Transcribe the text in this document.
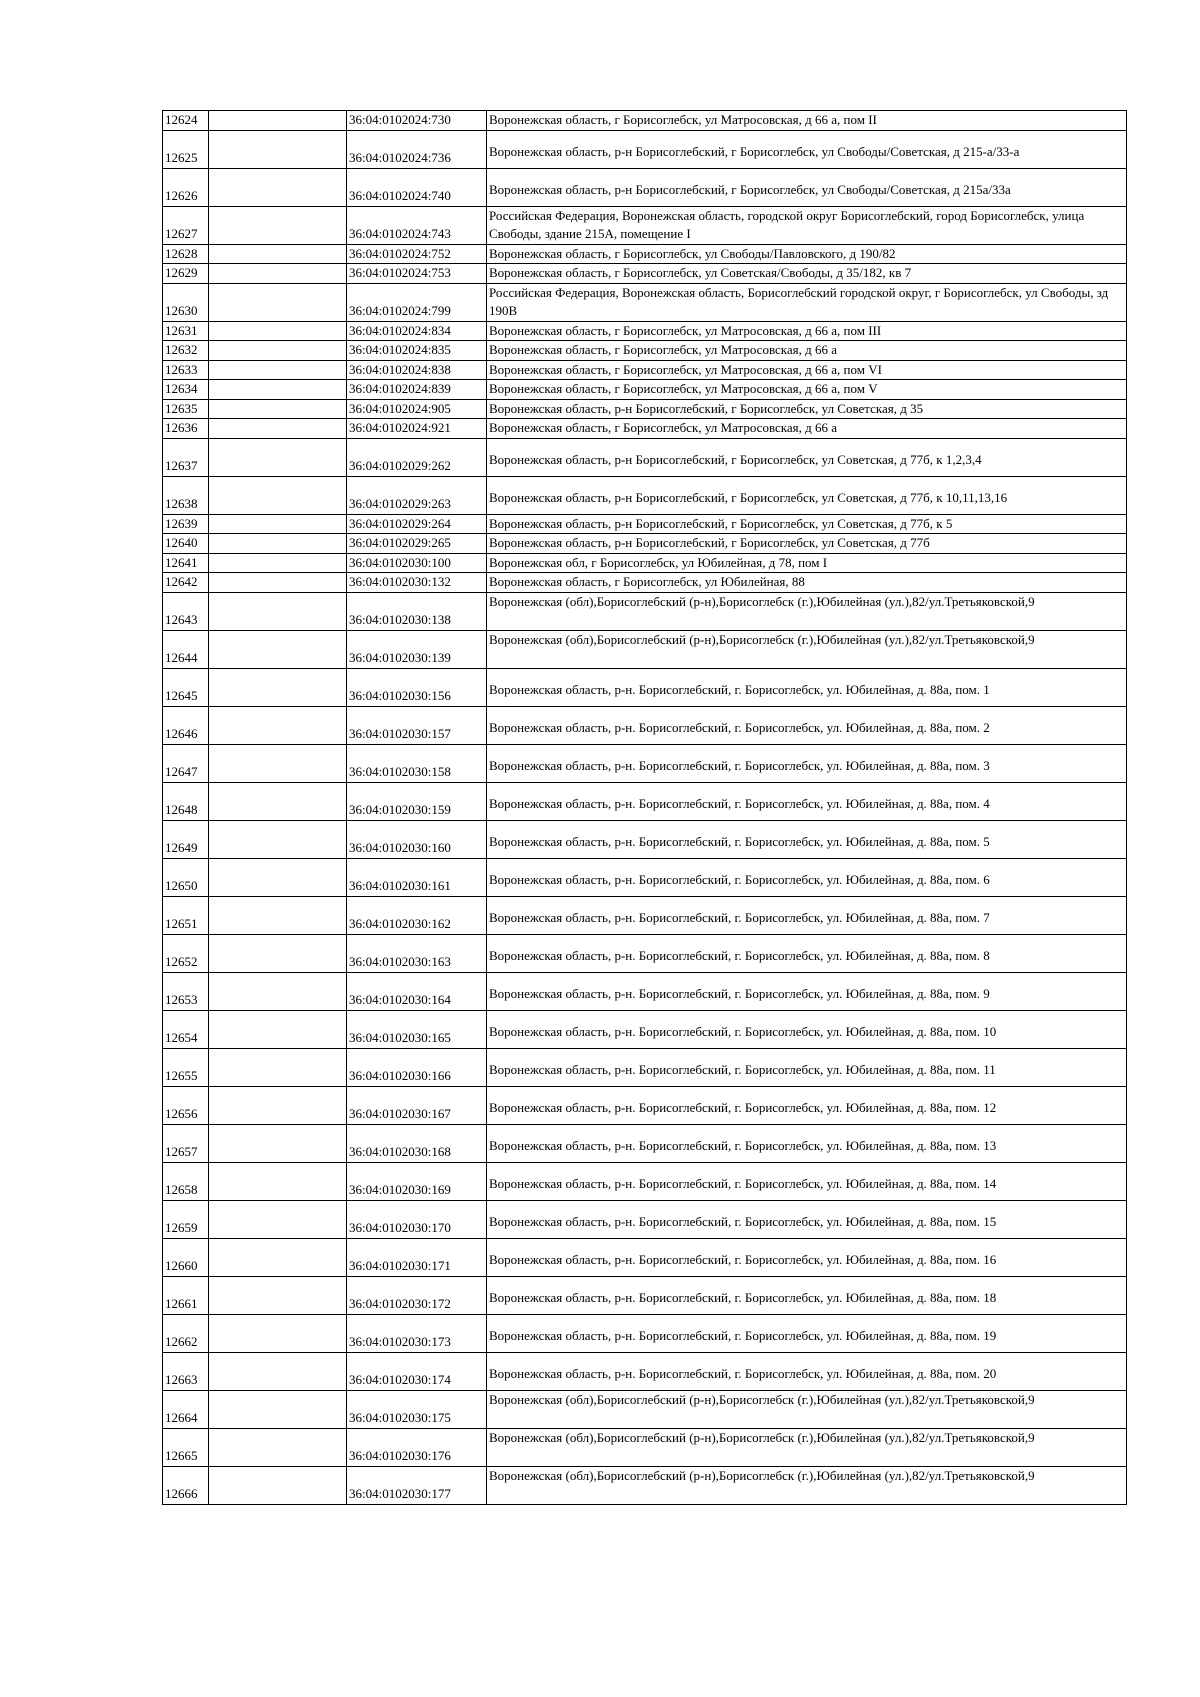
12624		36:04:0102024:730	Воронежская область, г Борисоглебск, ул Матросовская, д 66 а, пом II
12625		36:04:0102024:736	Воронежская область, р-н Борисоглебский, г Борисоглебск, ул Свободы/Советская, д 215-а/33-а
12626		36:04:0102024:740	Воронежская область, р-н Борисоглебский, г Борисоглебск, ул Свободы/Советская, д 215а/33а
12627		36:04:0102024:743	Российская Федерация, Воронежская область, городской округ Борисоглебский, город Борисоглебск, улица Свободы, здание 215А, помещение I
12628		36:04:0102024:752	Воронежская область, г Борисоглебск, ул Свободы/Павловского, д 190/82
12629		36:04:0102024:753	Воронежская область, г Борисоглебск, ул Советская/Свободы, д 35/182, кв 7
12630		36:04:0102024:799	Российская Федерация, Воронежская область, Борисоглебский городской округ, г Борисоглебск, ул Свободы, зд 190В
12631		36:04:0102024:834	Воронежская область, г Борисоглебск, ул Матросовская, д 66 а, пом III
12632		36:04:0102024:835	Воронежская область, г Борисоглебск, ул Матросовская, д 66 а
12633		36:04:0102024:838	Воронежская область, г Борисоглебск, ул Матросовская, д 66 а, пом VI
12634		36:04:0102024:839	Воронежская область, г Борисоглебск, ул Матросовская, д 66 а, пом V
12635		36:04:0102024:905	Воронежская область, р-н Борисоглебский, г Борисоглебск, ул Советская, д 35
12636		36:04:0102024:921	Воронежская область, г Борисоглебск, ул Матросовская, д 66 а
12637		36:04:0102029:262	Воронежская область, р-н Борисоглебский, г Борисоглебск, ул Советская, д 77б, к 1,2,3,4
12638		36:04:0102029:263	Воронежская область, р-н Борисоглебский, г Борисоглебск, ул Советская, д 77б, к 10,11,13,16
12639		36:04:0102029:264	Воронежская область, р-н Борисоглебский, г Борисоглебск, ул Советская, д 77б, к 5
12640		36:04:0102029:265	Воронежская область, р-н Борисоглебский, г Борисоглебск, ул Советская, д 77б
12641		36:04:0102030:100	Воронежская обл, г Борисоглебск, ул Юбилейная, д 78, пом I
12642		36:04:0102030:132	Воронежская область, г Борисоглебск, ул Юбилейная, 88
12643		36:04:0102030:138	Воронежская (обл),Борисоглебский (р-н),Борисоглебск (г.),Юбилейная (ул.),82/ул.Третьяковской,9
12644		36:04:0102030:139	Воронежская (обл),Борисоглебский (р-н),Борисоглебск (г.),Юбилейная (ул.),82/ул.Третьяковской,9
12645		36:04:0102030:156	Воронежская область, р-н. Борисоглебский, г. Борисоглебск, ул. Юбилейная, д. 88а, пом. 1
12646		36:04:0102030:157	Воронежская область, р-н. Борисоглебский, г. Борисоглебск, ул. Юбилейная, д. 88а, пом. 2
12647		36:04:0102030:158	Воронежская область, р-н. Борисоглебский, г. Борисоглебск, ул. Юбилейная, д. 88а, пом. 3
12648		36:04:0102030:159	Воронежская область, р-н. Борисоглебский, г. Борисоглебск, ул. Юбилейная, д. 88а, пом. 4
12649		36:04:0102030:160	Воронежская область, р-н. Борисоглебский, г. Борисоглебск, ул. Юбилейная, д. 88а, пом. 5
12650		36:04:0102030:161	Воронежская область, р-н. Борисоглебский, г. Борисоглебск, ул. Юбилейная, д. 88а, пом. 6
12651		36:04:0102030:162	Воронежская область, р-н. Борисоглебский, г. Борисоглебск, ул. Юбилейная, д. 88а, пом. 7
12652		36:04:0102030:163	Воронежская область, р-н. Борисоглебский, г. Борисоглебск, ул. Юбилейная, д. 88а, пом. 8
12653		36:04:0102030:164	Воронежская область, р-н. Борисоглебский, г. Борисоглебск, ул. Юбилейная, д. 88а, пом. 9
12654		36:04:0102030:165	Воронежская область, р-н. Борисоглебский, г. Борисоглебск, ул. Юбилейная, д. 88а, пом. 10
12655		36:04:0102030:166	Воронежская область, р-н. Борисоглебский, г. Борисоглебск, ул. Юбилейная, д. 88а, пом. 11
12656		36:04:0102030:167	Воронежская область, р-н. Борисоглебский, г. Борисоглебск, ул. Юбилейная, д. 88а, пом. 12
12657		36:04:0102030:168	Воронежская область, р-н. Борисоглебский, г. Борисоглебск, ул. Юбилейная, д. 88а, пом. 13
12658		36:04:0102030:169	Воронежская область, р-н. Борисоглебский, г. Борисоглебск, ул. Юбилейная, д. 88а, пом. 14
12659		36:04:0102030:170	Воронежская область, р-н. Борисоглебский, г. Борисоглебск, ул. Юбилейная, д. 88а, пом. 15
12660		36:04:0102030:171	Воронежская область, р-н. Борисоглебский, г. Борисоглебск, ул. Юбилейная, д. 88а, пом. 16
12661		36:04:0102030:172	Воронежская область, р-н. Борисоглебский, г. Борисоглебск, ул. Юбилейная, д. 88а, пом. 18
12662		36:04:0102030:173	Воронежская область, р-н. Борисоглебский, г. Борисоглебск, ул. Юбилейная, д. 88а, пом. 19
12663		36:04:0102030:174	Воронежская область, р-н. Борисоглебский, г. Борисоглебск, ул. Юбилейная, д. 88а, пом. 20
12664		36:04:0102030:175	Воронежская (обл),Борисоглебский (р-н),Борисоглебск (г.),Юбилейная (ул.),82/ул.Третьяковской,9
12665		36:04:0102030:176	Воронежская (обл),Борисоглебский (р-н),Борисоглебск (г.),Юбилейная (ул.),82/ул.Третьяковской,9
12666		36:04:0102030:177	Воронежская (обл),Борисоглебский (р-н),Борисоглебск (г.),Юбилейная (ул.),82/ул.Третьяковской,9
